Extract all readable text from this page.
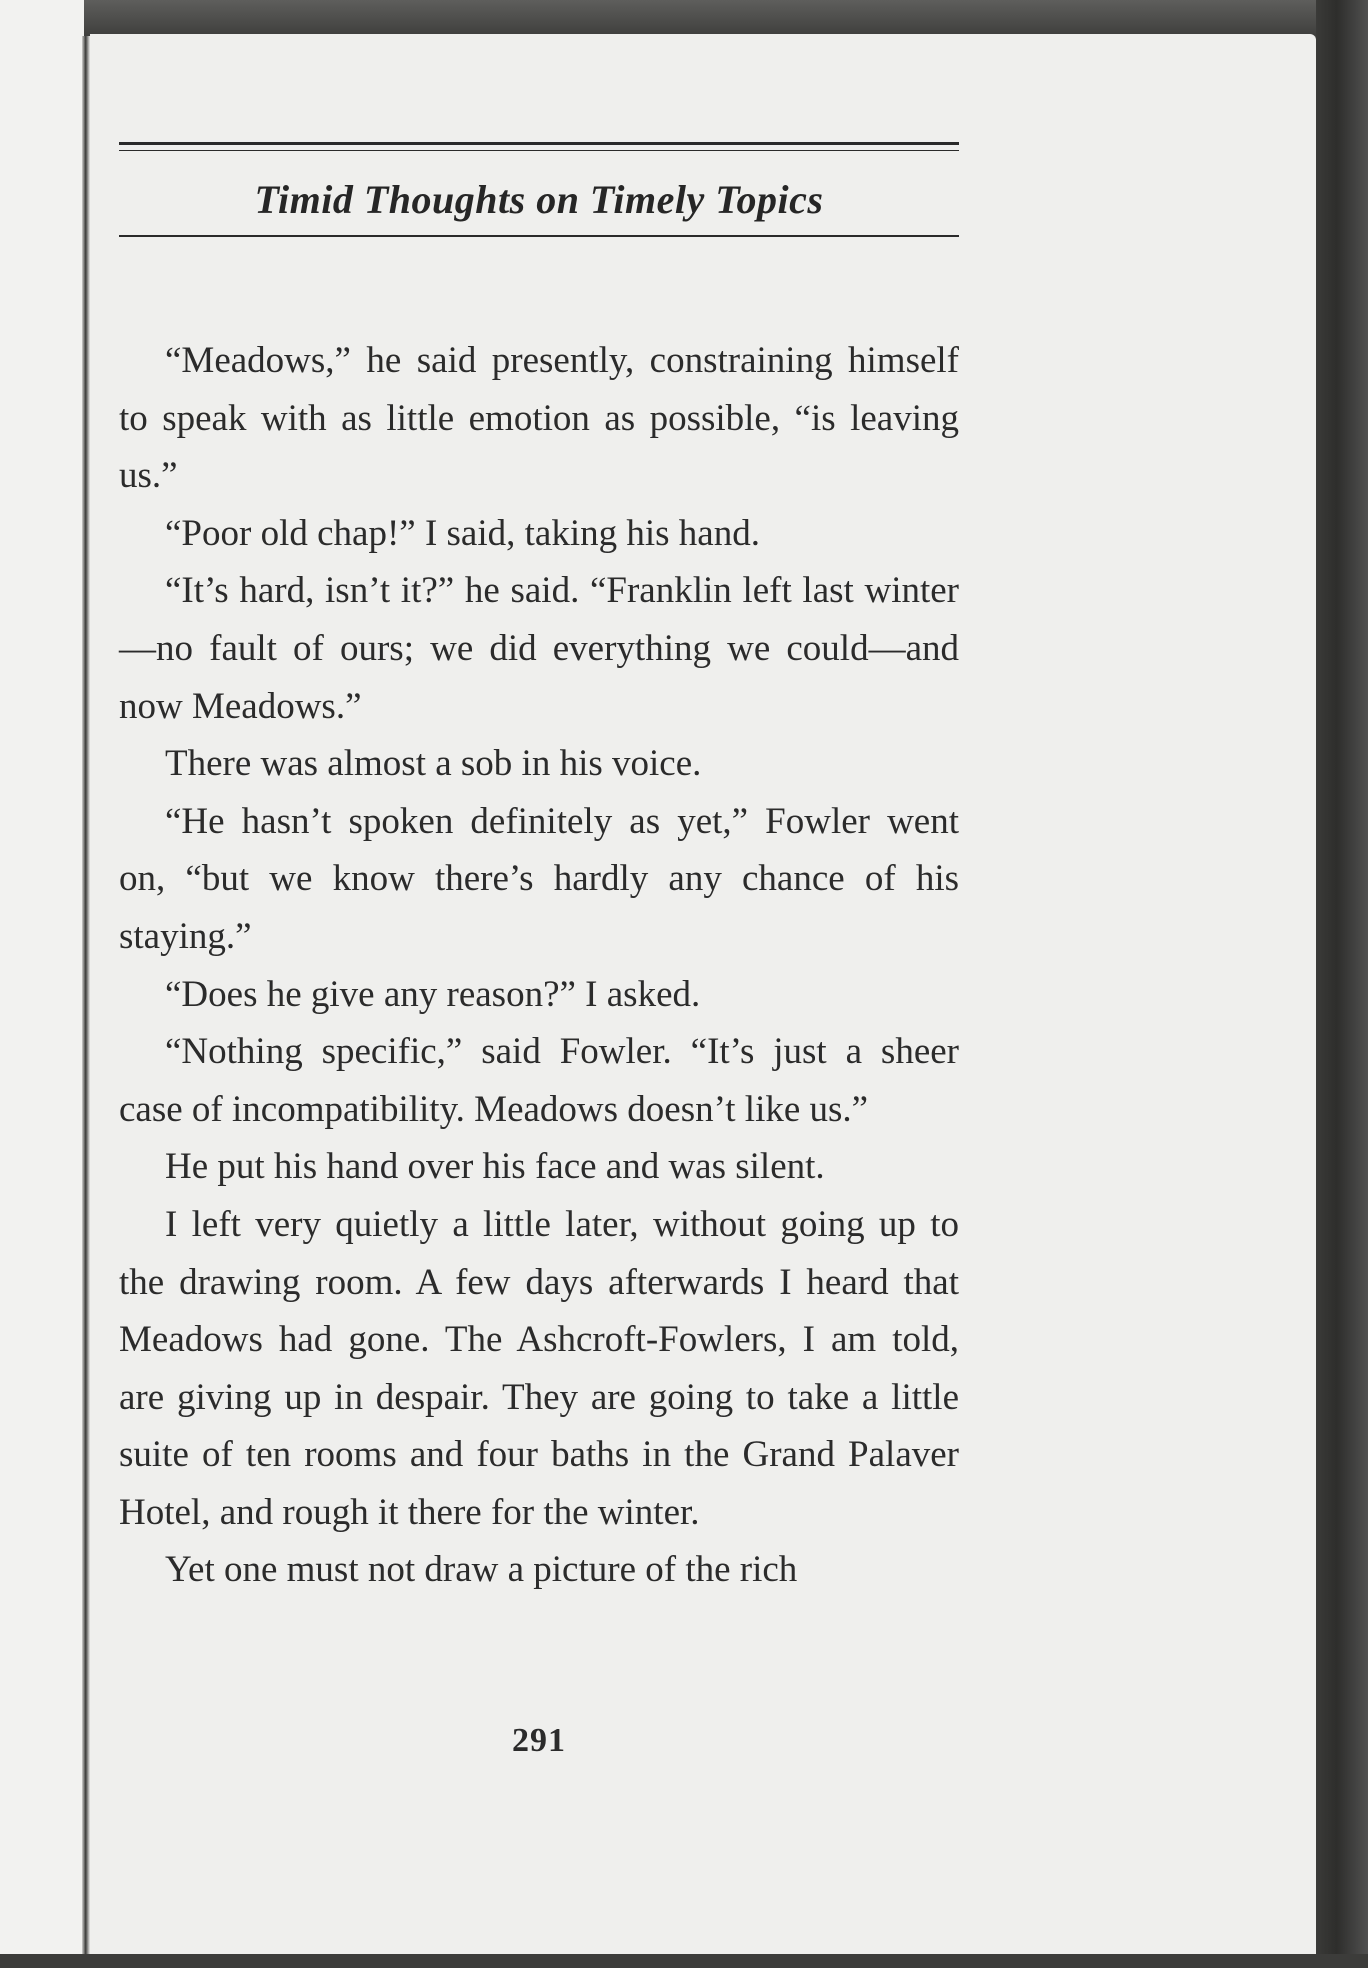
Timid Thoughts on Timely Topics

“Meadows,” he said presently, constraining himself to speak with as little emotion as possible, “is leaving us.”

“Poor old chap!” I said, taking his hand.

“It’s hard, isn’t it?” he said. “Franklin left last winter—no fault of ours; we did everything we could—and now Meadows.”

There was almost a sob in his voice.

“He hasn’t spoken definitely as yet,” Fowler went on, “but we know there’s hardly any chance of his staying.”

“Does he give any reason?” I asked.

“Nothing specific,” said Fowler. “It’s just a sheer case of incompatibility. Meadows doesn’t like us.”

He put his hand over his face and was silent.

I left very quietly a little later, without going up to the drawing room. A few days afterwards I heard that Meadows had gone. The Ashcroft-Fowlers, I am told, are giving up in despair. They are going to take a little suite of ten rooms and four baths in the Grand Palaver Hotel, and rough it there for the winter.

Yet one must not draw a picture of the rich

291
